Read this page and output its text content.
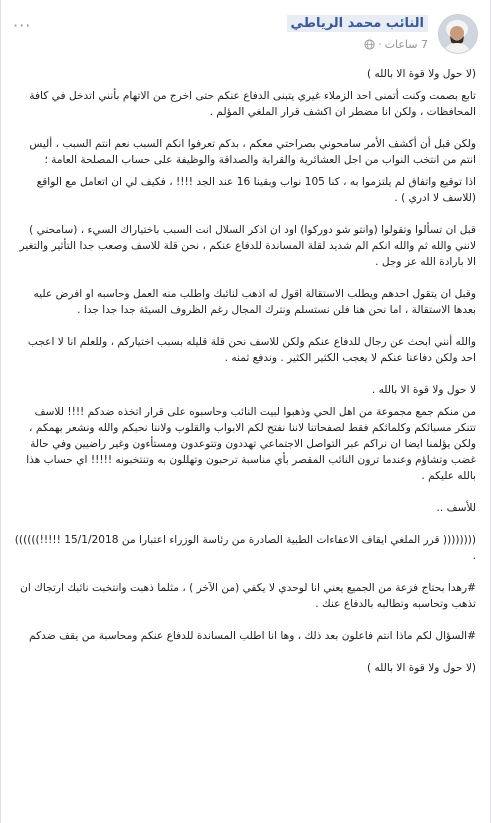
النائب محمد الرياطي
7 ساعات
·
···

(لا حول ولا قوة الا بالله )

تابع بصمت وكنت أتمنى احد الزملاء غيري يتبنى الدفاع عنكم حتى اخرج من الاتهام بأنني اتدخل في كافة المحافظات ، ولكن انا مضطر ان اكشف قرار الملغي المؤلم .

ولكن قبل أن أكشف الأمر سامحوني بصراحتي معكم ، بدكم تعرفوا انكم السبب نعم انتم السبب ، أليس انتم من انتخب النواب من اجل العشائرية والقرابة والصداقة والوظيفة على حساب المصلحة العامة ؛

اذا توقيع واتفاق لم يلتزموا به ، كنا 105 نواب وبقينا 16 عند الجد !!!! ، فكيف لي ان اتعامل مع الواقع (للاسف لا ادري ) .

قبل ان تسألوا وتقولوا (وانتو شو دوركوا) اود ان اذكر السلال انت السبب باختياراك السيء ، (سامحني ) لانني والله ثم والله انكم الم شديد لقلة المساندة للدفاع عنكم ، نحن قلة للاسف وصعب جدا التأثير والتغير الا بارادة الله عز وجل .

وقبل ان يتقول احدهم ويطلب الاستقالة اقول له اذهب لنائبك واطلب منه العمل وحاسبه او افرض عليه بعدها الاستقالة ، اما نحن هنا فلن نستسلم ونترك المجال رغم الظروف السيئة جدا جدا جدا .

والله أنني ابحث عن رجال للدفاع عنكم ولكن للاسف نحن قلة قليله بسبب اختياركم ، وللعلم انا لا اعجب احد ولكن دفاعنا عنكم لا يعجب الكثير الكثير . وندفع ثمنه .

لا حول ولا قوة الا بالله .

من منكم جمع مجموعة من اهل الحي وذهبوا لبيت النائب وحاسبوه على قرار اتخذه ضدكم !!!! للاسف تتنكر مسبائكم وكلمائكم فقط لصفحاتنا لاننا نفتح لكم الابواب والقلوب ولاننا نحبكم والله ونشعر بهمكم ، ولكن يؤلمنا ايضا ان نراكم عبر التواصل الاجتماعي تهددون وتتوعدون ومستأءون وغير راضيين وفي حالة غضب وتشاؤم وعندما ترون النائب المقصر بأي مناسبة ترحبون وتهللون به وتنتخبونه !!!!! اي حساب هذا بالله عليكم .

للأسف ..

(((((((( قرر الملغي ايقاف الاعفاءات الطبية الصادرة من رئاسة الوزراء اعتبارا من 15/1/2018 !!!!!)))))) .

#رهدا بحتاج فزعة من الجميع يعني انا لوحدي لا يكفي (من الآخر ) ، مثلما ذهبت وانتخبت نائبك ارتجاك ان تذهب وتحاسبه وتطالبه بالدفاع عنك .

#السؤال لكم ماذا انتم فاعلون بعد ذلك ، وها انا اطلب المساندة للدفاع عنكم ومحاسبة من يقف ضدكم

(لا حول ولا قوة الا بالله )
